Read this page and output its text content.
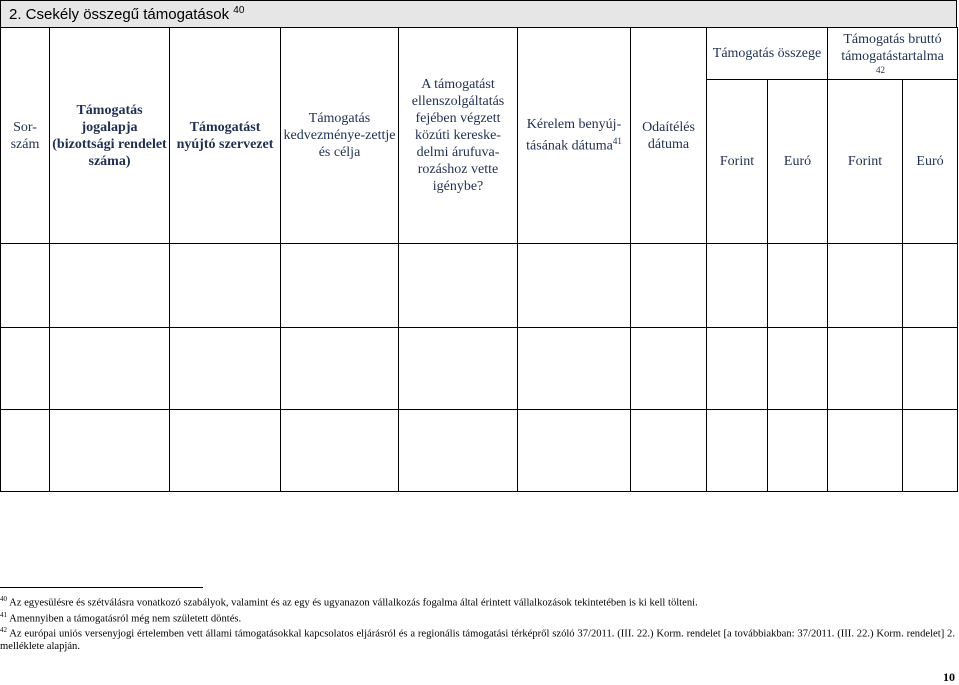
2. Csekély összegű támogatások $^{40}$
Sor-szám	Támogatás jogalapja (bizottsági rendelet száma)	Támogatást nyújtó szervezet	Támogatás kedvezménye-zettje és célja	A támogatást ellenszolgáltatás fejében végzett közúti kereske-delmi árufuva-rozáshoz vette igénybe?	Kérelem benyúj-tásának dátuma$^{41}$	Odaítélés dátuma	Támogatás összege		Támogatás bruttó támogatástartalma
42	

							Forint	Euró	Forint	Euró

$^{40}$ Az egyesülésre és szétválásra vonatkozó szabályok, valamint és az egy és ugyanazon vállalkozás fogalma által érintett vállalkozások tekintetében is ki kell tölteni.
$^{41}$ Amennyiben a támogatásról még nem született döntés.
$^{42}$ Az európai uniós versenyjogi értelemben vett állami támogatásokkal kapcsolatos eljárásról és a regionális támogatási térképről szóló 37/2011. (III. 22.) Korm. rendelet [a továbbiakban: 37/2011. (III. 22.) Korm. rendelet] 2. melléklete alapján.
10
